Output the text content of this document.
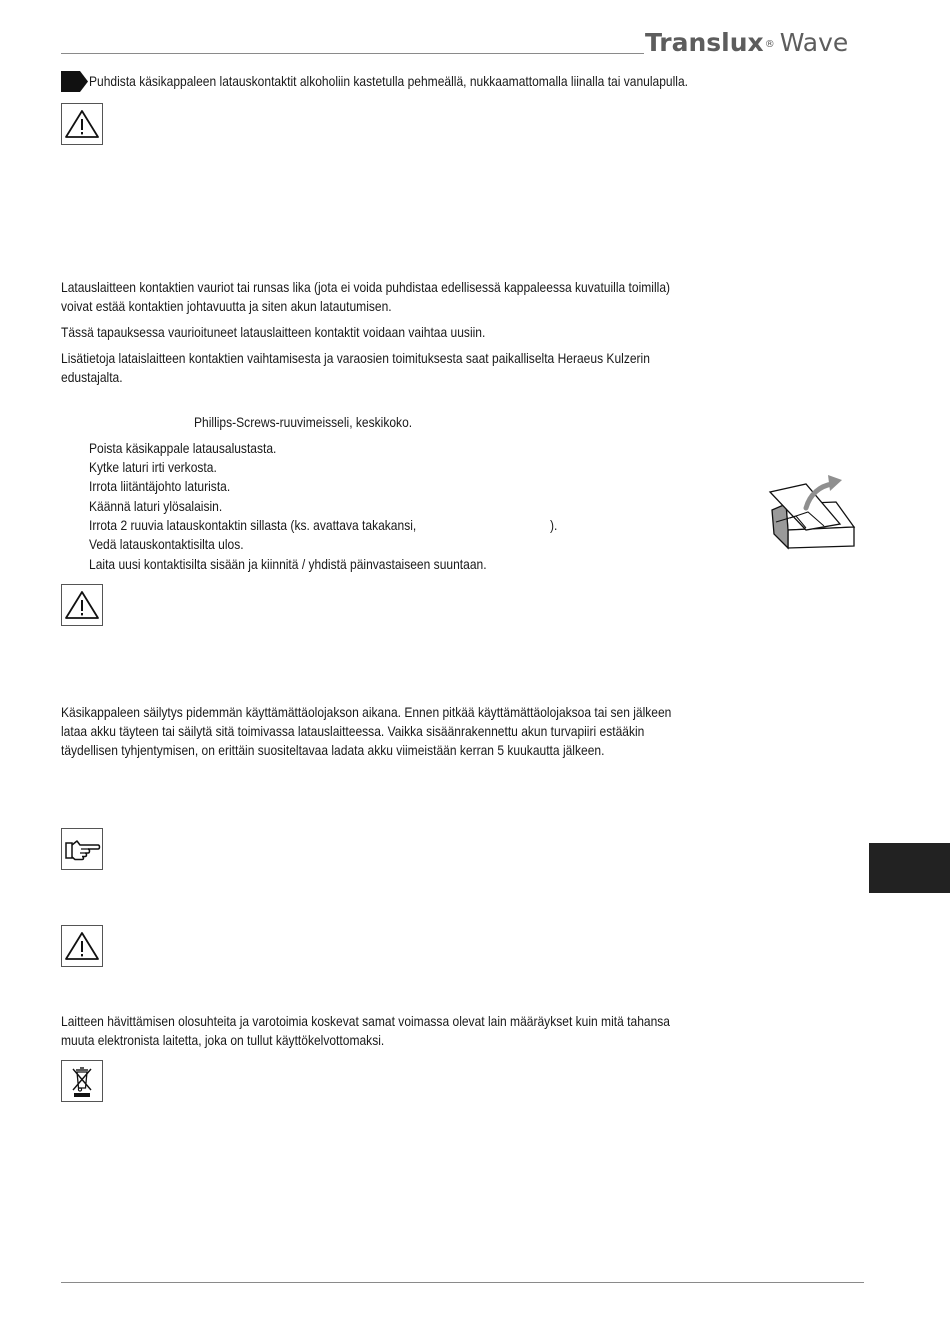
Translux® Wave
Puhdista käsikappaleen latauskontaktit alkoholiin kastetulla pehmeällä, nukkaamattomalla liinalla tai vanulapulla.
Latauslaitteen kontaktien vauriot tai runsas lika (jota ei voida puhdistaa edellisessä kappaleessa kuvatuilla toimilla)
voivat estää kontaktien johtavuutta ja siten akun latautumisen.
Tässä tapauksessa vaurioituneet latauslaitteen kontaktit voidaan vaihtaa uusiin.
Lisätietoja lataislaitteen kontaktien vaihtamisesta ja varaosien toimituksesta saat paikalliselta Heraeus Kulzerin
edustajalta.
Phillips-Screws-ruuvimeisseli, keskikoko.
Poista käsikappale latausalustasta.
Kytke laturi irti verkosta.
Irrota liitäntäjohto laturista.
Käännä laturi ylösalaisin.
Irrota 2 ruuvia latauskontaktin sillasta (ks. avattava takakansi,	).
Vedä latauskontaktisilta ulos.
Laita uusi kontaktisilta sisään ja kiinnitä / yhdistä päinvastaiseen suuntaan.
Käsikappaleen säilytys pidemmän käyttämättäolojakson aikana. Ennen pitkää käyttämättäolojaksoa tai sen jälkeen
lataa akku täyteen tai säilytä sitä toimivassa latauslaitteessa. Vaikka sisäänrakennettu akun turvapiiri estääkin
täydellisen tyhjentymisen, on erittäin suositeltavaa ladata akku viimeistään kerran 5 kuukautta jälkeen.
Laitteen hävittämisen olosuhteita ja varotoimia koskevat samat voimassa olevat lain määräykset kuin mitä tahansa
muuta elektronista laitetta, joka on tullut käyttökelvottomaksi.
